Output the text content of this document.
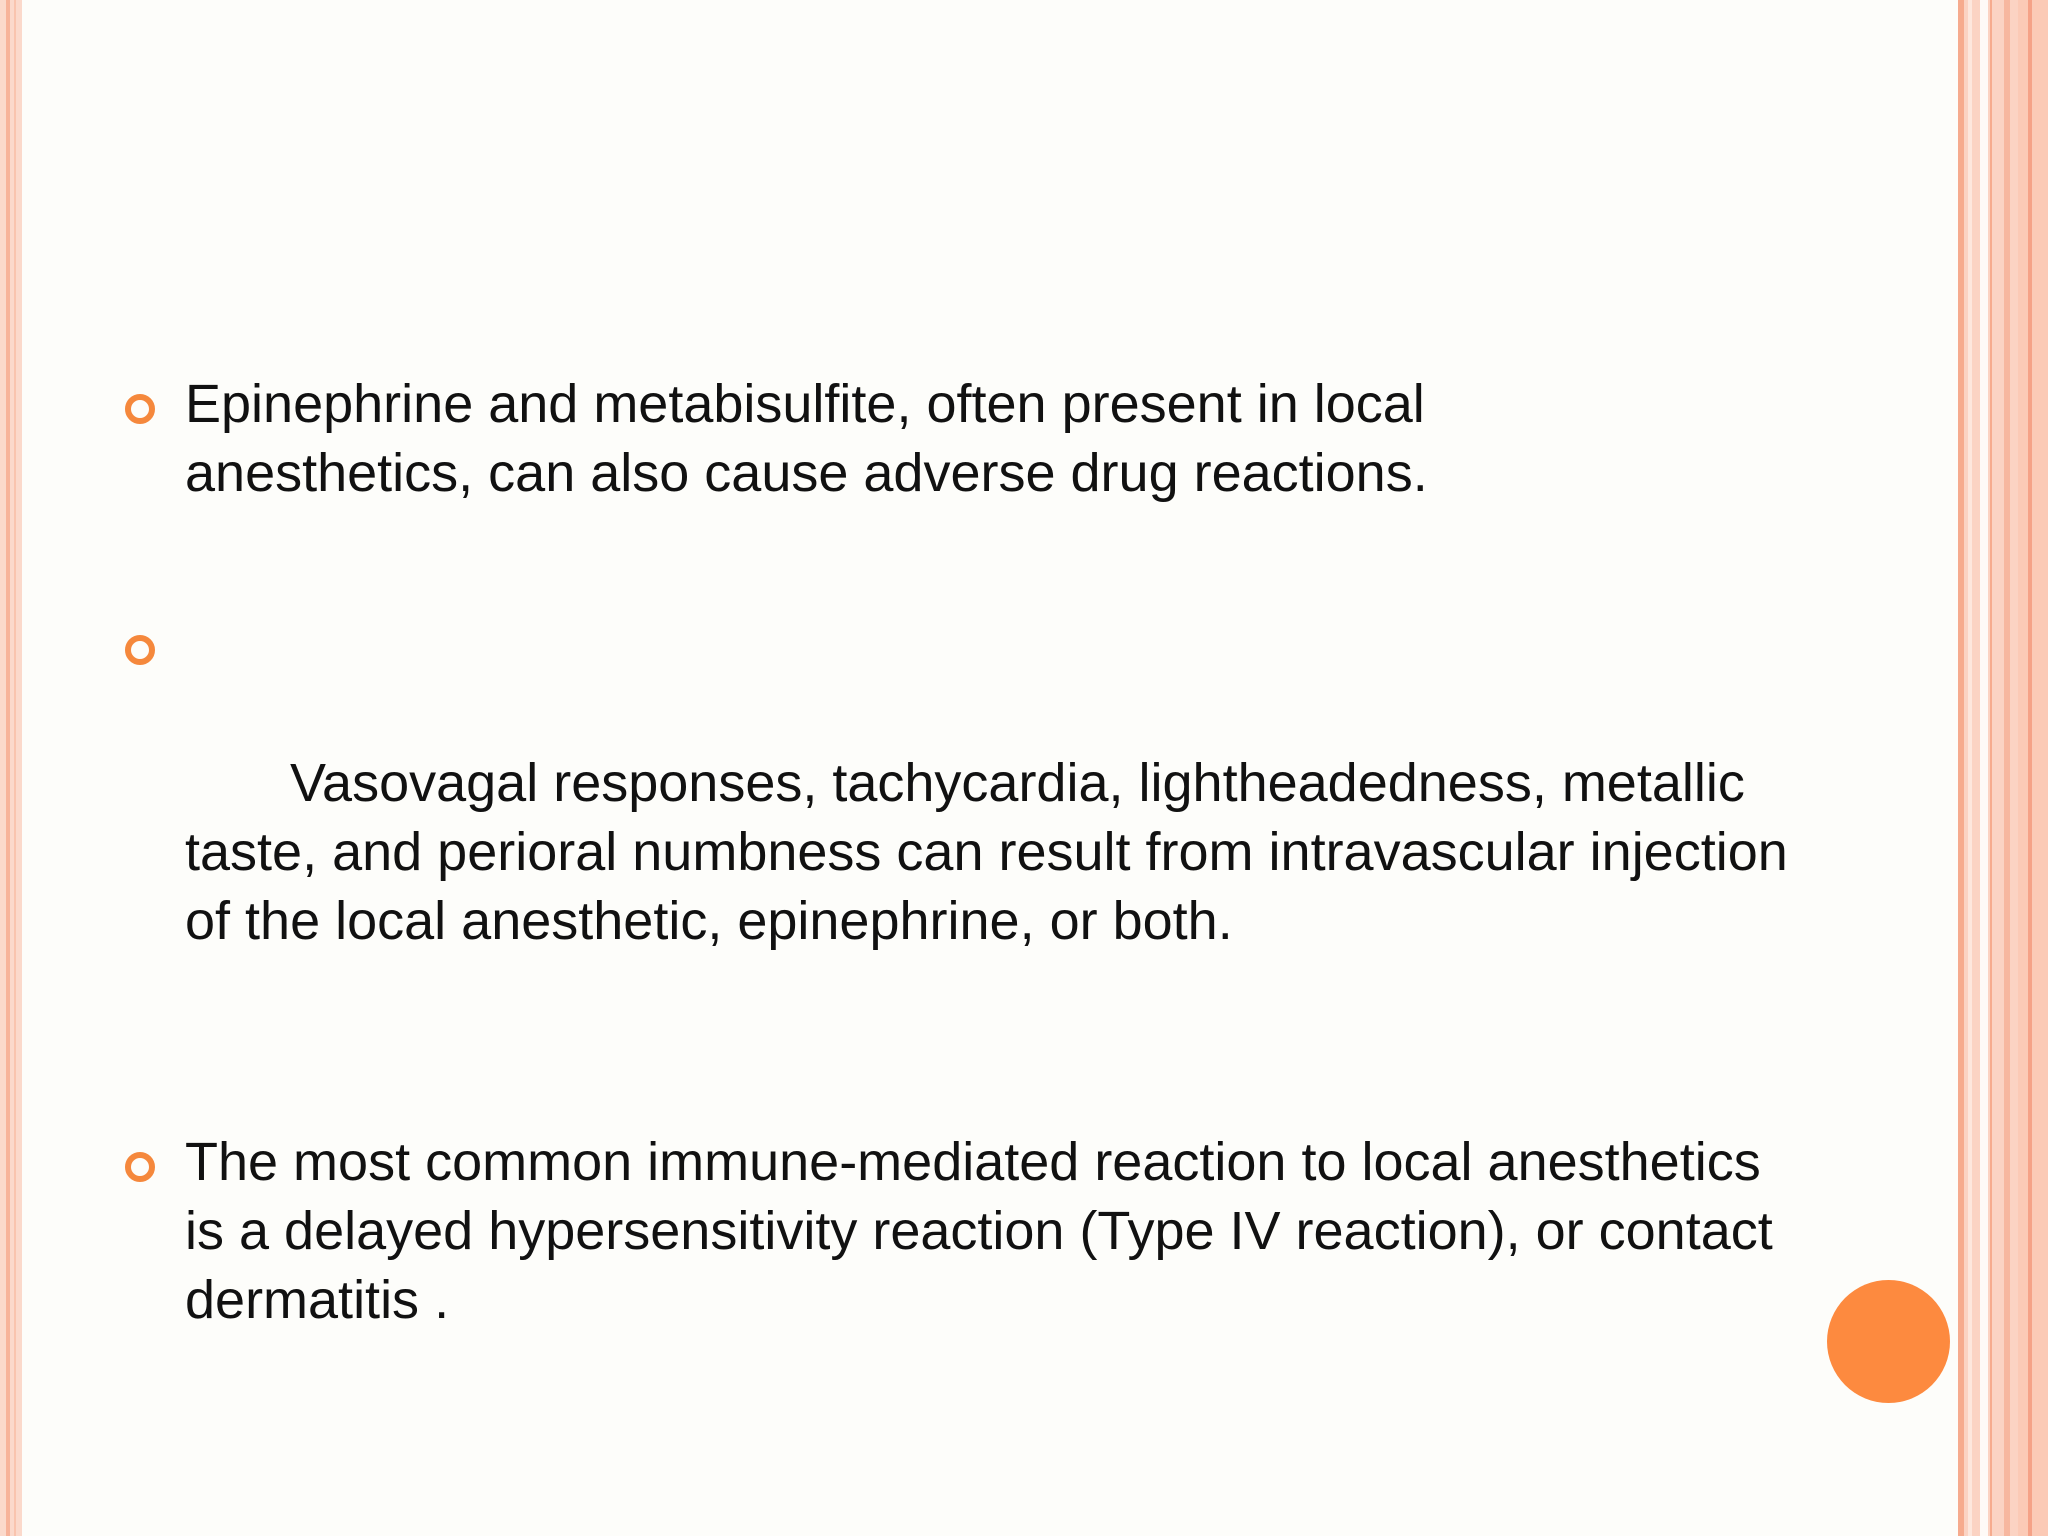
Epinephrine and metabisulfite, often present in local anesthetics, can also cause adverse drug reactions.

Vasovagal responses, tachycardia, lightheadedness, metallic taste, and perioral numbness can result from intravascular injection of the local anesthetic, epinephrine, or both.

The most common immune-mediated reaction to local anesthetics is a delayed hypersensitivity reaction (Type IV reaction), or contact dermatitis .
